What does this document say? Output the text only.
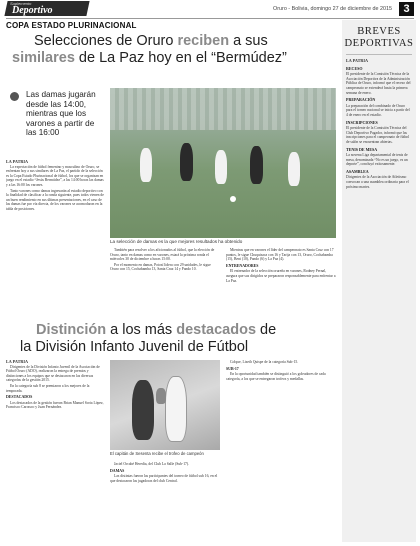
Suplemento
Deportivo	Oruro - Bolivia, domingo 27 de diciembre de 2015	3
COPA ESTADO PLURINACIONAL
Selecciones de Oruro reciben a sus
similares de La Paz hoy en el “Bermúdez”
Las damas jugarán desde las 14:00, mientras que los varones a partir de las 16:00
La selección de damas es la que mejores resultados ha obtenido
LA PATRIA

La expectación de fútbol femenino y masculino de Oruro, se enfrentan hoy a sus similares de La Paz, el partido de la selección es la Copa Estado Plurinacional de fútbol, los que se organizan en juego en el estadio “Jesús Bermúdez”, a las 14:00 horas las damas y a las 16:00 los varones.

Tanto varones como damas ingresarán al estadio deportivo con la finalidad de clasificar a la ronda siguiente, pues todos vienen de un buen rendimiento en sus últimas presentaciones, en el caso de las damas fue por vía directa, de los varones se acomodaron en la tabla de posiciones.

También para resolver a los aficionados al fútbol, que la elección de Oruro, tanto en damas como en varones, estará la próxima ronda el miércoles 30 de diciembre a horas 15:00.

Por el momento en damas, Potosí lidera con 29 unidades, le sigue Oruro con 15, Cochabamba 13, Santa Cruz 14 y Pando 10.

Mientras que en varones el líder del campeonato es Santa Cruz con 17 puntos, le sigue Chuquisaca con 16 y Tarija con 13, Oruro, Cochabamba (15), Beni (10), Pando (6) y La Paz (4).

ENTRENADORES

El entrenador de la selección orureña en varones, Rodney Pernal, asegura que sus dirigidos se prepararon responsablemente para enfrentar a La Paz.

Distinción a los más destacados de
la División Infanto Juvenil de Fútbol
LA PATRIA

Dirigentes de la División Infanto Juvenil de la Asociación de Fútbol Oruro (ADO), realizaron la entrega de premios y distinciones a los equipos que se destacaron en las diversas categorías de la gestión 2015.

En la categoría sub 8 se premiaron a los mejores de la temporada.

DESTACADOS

Los destacados de la gestión fueron Brian Manuel Soria López, Francisco Carrasco y Juan Fernández.

El capitán de Sesenta recibe el trofeo de campeón

Jaciel Orcabé Heredia, del Club La Salle (Sub-17).

DAMAS

Las distintas fueron las participantes del torneo de fútbol sub 16, en el que destacaron las jugadoras del club Central.

Colque, Lizeth Quispe de la categoría Sub-15.

SUB-17

En la oportunidad también se distinguió a los goleadores de cada categoría, a los que se entregaron trofeos y medallas.

BREVES DEPORTIVAS
LA PATRIA
RECESO
El presidente de la Comisión Técnica de la Asociación Deportiva de la Administración Pública de Oruro, informó que el receso del campeonato se extenderá hasta la primera semana de enero.
PREPARACIÓN
La preparación del combinado de Oruro para el torneo nacional se inicia a partir del 4 de enero en el estadio.
INSCRIPCIONES
El presidente de la Comisión Técnica del Club Deportivo Pagador, informó que las inscripciones para el campeonato de fútbol de salón se encuentran abiertas.
TENIS DE MESA
La novena Liga departamental de tenis de mesa, denominada “No es un juego, es un deporte”, concluyó exitosamente.
ASAMBLEA
Dirigentes de la Asociación de Atletismo convocan a una asamblea ordinaria para el próximo martes.
